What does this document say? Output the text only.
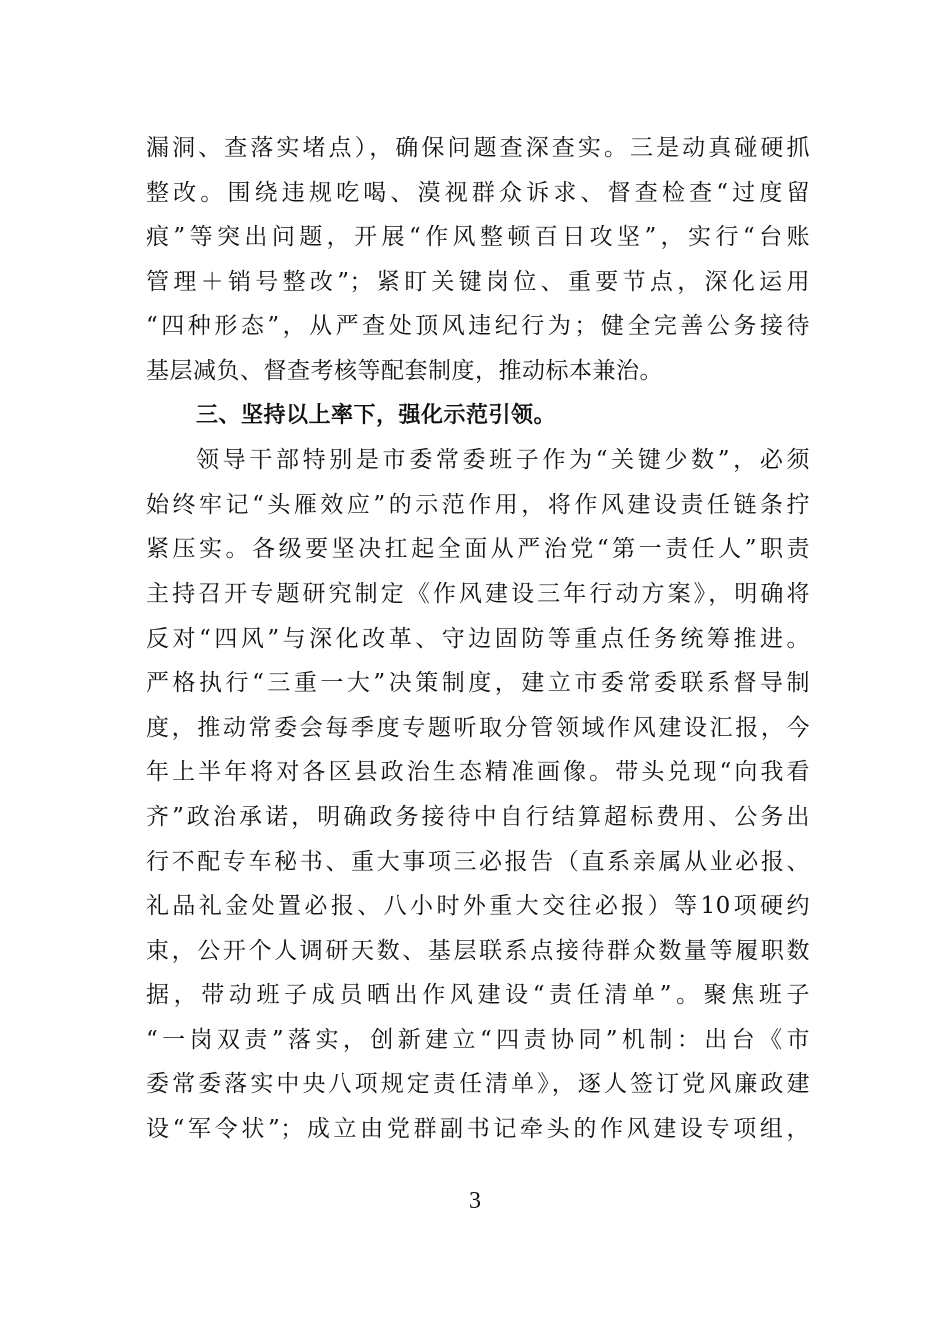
漏洞、查落实堵点），确保问题查深查实。三是动真碰硬抓
整改。围绕违规吃喝、漠视群众诉求、督查检查“过度留
痕”等突出问题，开展“作风整顿百日攻坚”，实行“台账
管理＋销号整改”；紧盯关键岗位、重要节点，深化运用
“四种形态”，从严查处顶风违纪行为；健全完善公务接待
基层减负、督查考核等配套制度，推动标本兼治。
三、坚持以上率下，强化示范引领。
领导干部特别是市委常委班子作为“关键少数”，必须
始终牢记“头雁效应”的示范作用，将作风建设责任链条拧
紧压实。各级要坚决扛起全面从严治党“第一责任人”职责
主持召开专题研究制定《作风建设三年行动方案》，明确将
反对“四风”与深化改革、守边固防等重点任务统筹推进。
严格执行“三重一大”决策制度，建立市委常委联系督导制
度，推动常委会每季度专题听取分管领域作风建设汇报，今
年上半年将对各区县政治生态精准画像。带头兑现“向我看
齐”政治承诺，明确政务接待中自行结算超标费用、公务出
行不配专车秘书、重大事项三必报告（直系亲属从业必报、
礼品礼金处置必报、八小时外重大交往必报）等10项硬约
束，公开个人调研天数、基层联系点接待群众数量等履职数
据，带动班子成员晒出作风建设“责任清单”。聚焦班子
“一岗双责”落实，创新建立“四责协同”机制：出台《市
委常委落实中央八项规定责任清单》，逐人签订党风廉政建
设“军令状”；成立由党群副书记牵头的作风建设专项组，
3
